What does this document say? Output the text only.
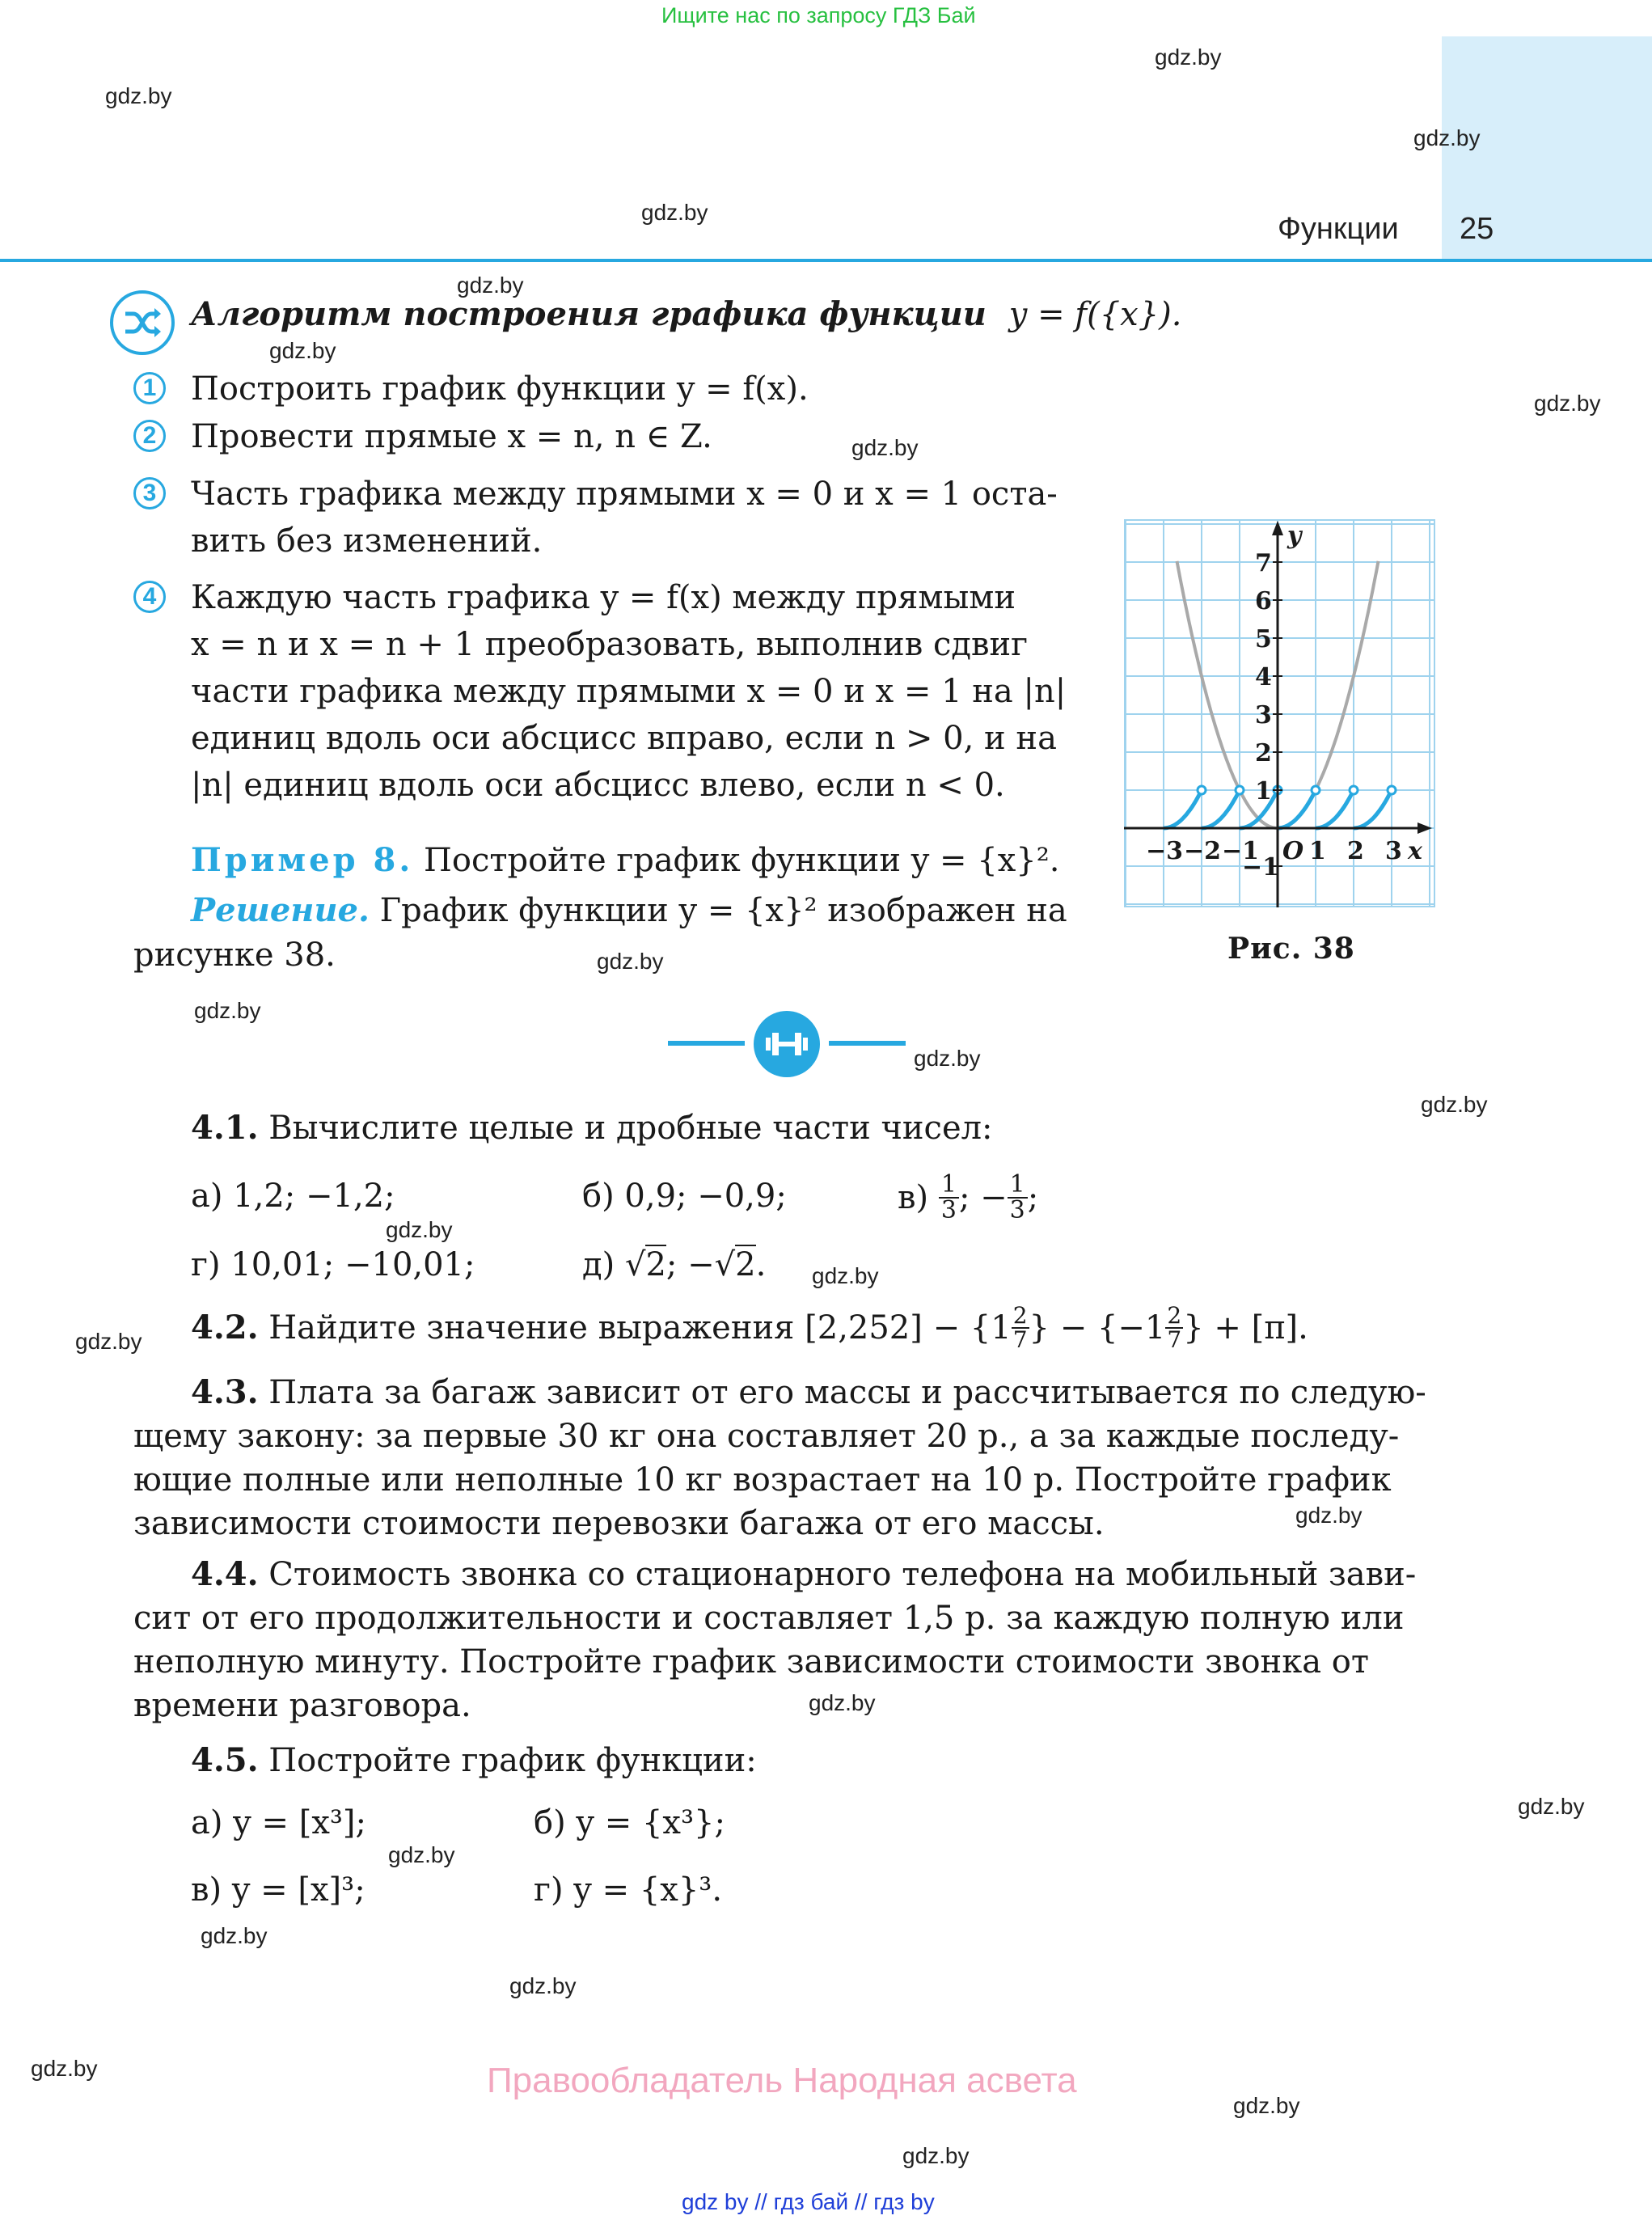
Ищите нас по запросу ГДЗ Бай
Функции 25
gdz.by
gdz.by
gdz.by
gdz.by
gdz.by
gdz.by
gdz.by
gdz.by
gdz.by
gdz.by
gdz.by
gdz.by
gdz.by
gdz.by
gdz.by
gdz.by
gdz.by
gdz.by
gdz.by
gdz.by
gdz.by
gdz.by
gdz.by
gdz.by
Алгоритм построения графика функции y = f({x}).
1 Построить график функции y = f(x).
2 Провести прямые x = n, n ∈ Z.
3 Часть графика между прямыми x = 0 и x = 1 оста-
вить без изменений.
4 Каждую часть графика y = f(x) между прямыми
x = n и x = n + 1 преобразовать, выполнив сдвиг
части графика между прямыми x = 0 и x = 1 на |n|
единиц вдоль оси абсцисс вправо, если n > 0, и на
|n| единиц вдоль оси абсцисс влево, если n < 0.
Пример 8. Постройте график функции y = {x}².
Решение. График функции y = {x}² изображен на
рисунке 38.
x
y
O
−3 −2 −1 1 2 3
7
6
5
4
3
2
1
−1
Рис. 38
4.1. Вычислите целые и дробные части чисел:
а) 1,2; −1,2;	б) 0,9; −0,9;	в)
1
3 ; − $\frac{1}{3}$ ;
г) 10,01; −10,01;	д) √2; −√2.
4.2.
Найдите значение выражения
[2,252] − {1 2
7 } − {−1 2
7 } + [π].
4.3. Плата за багаж зависит от его массы и рассчитывается по следую-
щему закону: за первые 30 кг она составляет 20 р., а за каждые последу-
ющие полные или неполные 10 кг возрастает на 10 р. Постройте график
зависимости стоимости перевозки багажа от его массы.
4.4. Стоимость звонка со стационарного телефона на мобильный зави-
сит от его продолжительности и составляет 1,5 р. за каждую полную или
неполную минуту. Постройте график зависимости стоимости звонка от
времени разговора.
4.5. Постройте график функции:
а) y = [x³];	б) y = {x³};
в) y = [x]³;	г) y = {x}³.
Правообладатель Народная асвета
gdz by // гдз бай // гдз by
